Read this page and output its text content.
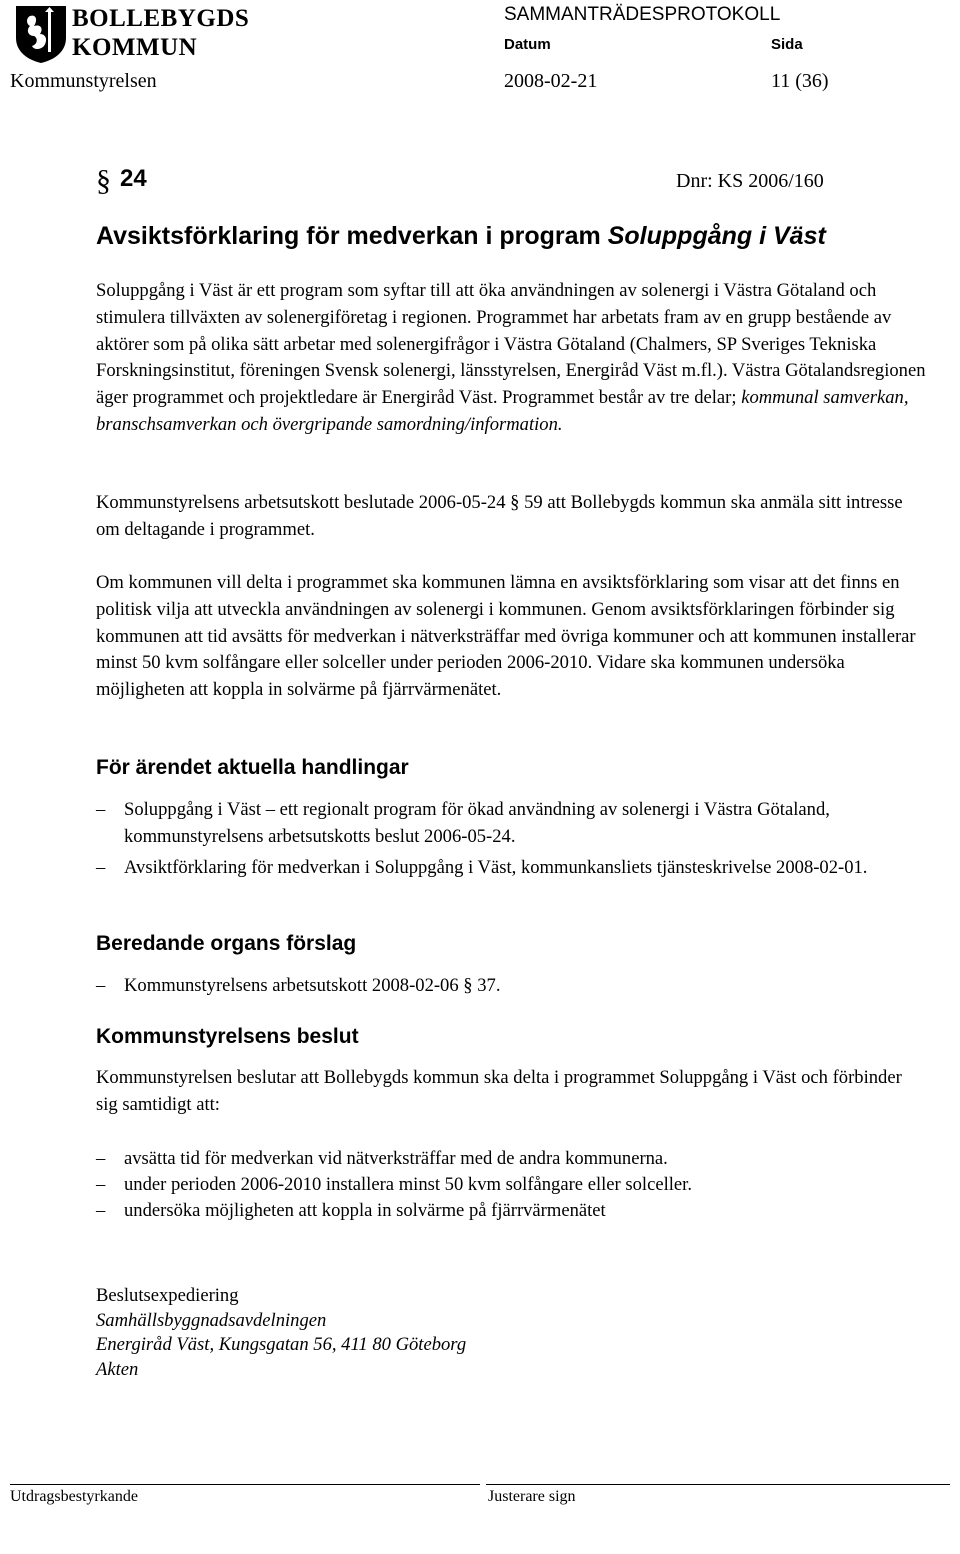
BOLLEBYGDS
KOMMUN
SAMMANTRÄDESPROTOKOLL
Datum	Sida
Kommunstyrelsen	2008-02-21	11 (36)
§ 24	Dnr: KS 2006/160
Avsiktsförklaring för medverkan i program Soluppgång i Väst

Soluppgång i Väst är ett program som syftar till att öka användningen av solenergi i Västra Götaland och stimulera tillväxten av solenergiföretag i regionen. Programmet har arbetats fram av en grupp bestående av aktörer som på olika sätt arbetar med solenergifrågor i Västra Götaland (Chalmers, SP Sveriges Tekniska Forskningsinstitut, föreningen Svensk solenergi, länsstyrelsen, Energiråd Väst m.fl.). Västra Götalandsregionen äger programmet och projektledare är Energiråd Väst. Programmet består av tre delar; kommunal samverkan, branschsamverkan och övergripande samordning/information.

Kommunstyrelsens arbetsutskott beslutade 2006-05-24 § 59 att Bollebygds kommun ska anmäla sitt intresse om deltagande i programmet.

Om kommunen vill delta i programmet ska kommunen lämna en avsiktsförklaring som visar att det finns en politisk vilja att utveckla användningen av solenergi i kommunen. Genom avsiktsförklaringen förbinder sig kommunen att tid avsätts för medverkan i nätverksträffar med övriga kommuner och att kommunen installerar minst 50 kvm solfångare eller solceller under perioden 2006-2010. Vidare ska kommunen undersöka möjligheten att koppla in solvärme på fjärrvärmenätet.

För ärendet aktuella handlingar
– Soluppgång i Väst – ett regionalt program för ökad användning av solenergi i Västra Götaland, kommunstyrelsens arbetsutskotts beslut 2006-05-24.
– Avsiktförklaring för medverkan i Soluppgång i Väst, kommunkansliets tjänsteskrivelse 2008-02-01.
Beredande organs förslag
– Kommunstyrelsens arbetsutskott 2008-02-06 § 37.
Kommunstyrelsens beslut

Kommunstyrelsen beslutar att Bollebygds kommun ska delta i programmet Soluppgång i Väst och förbinder sig samtidigt att:

– avsätta tid för medverkan vid nätverksträffar med de andra kommunerna.
– under perioden 2006-2010 installera minst 50 kvm solfångare eller solceller.
– undersöka möjligheten att koppla in solvärme på fjärrvärmenätet
Beslutsexpediering
Samhällsbyggnadsavdelningen
Energiråd Väst, Kungsgatan 56, 411 80 Göteborg
Akten
Utdragsbestyrkande	Justerare sign
